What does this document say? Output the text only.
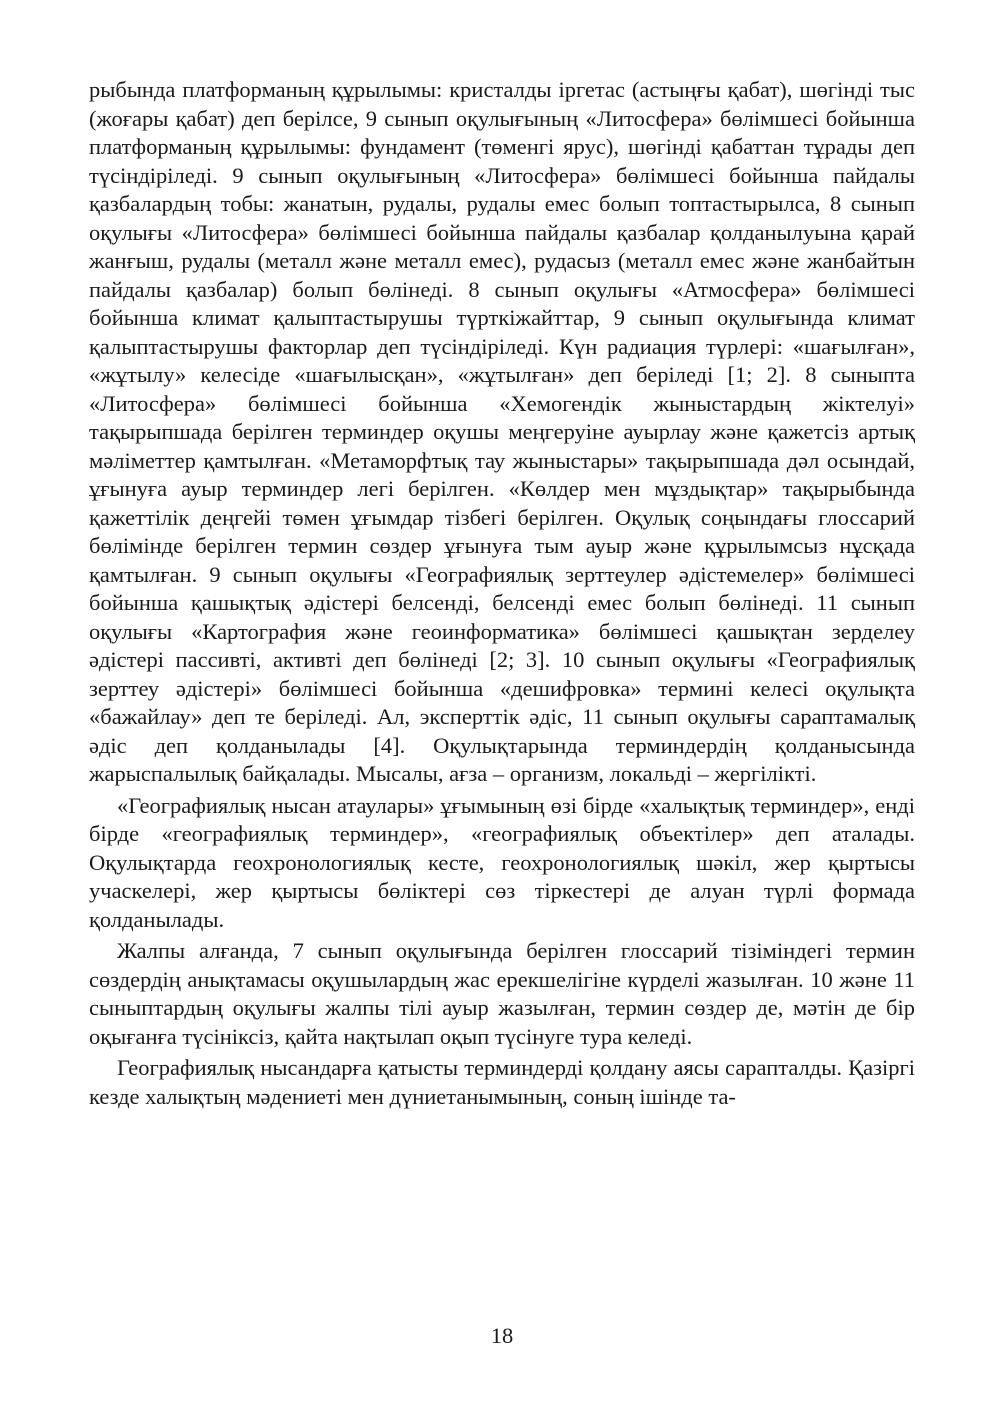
рыбында платформаның құрылымы: кристалды іргетас (астыңғы қабат), шөгінді тыс (жоғары қабат) деп берілсе, 9 сынып оқулығының «Литосфера» бөлімшесі бойынша платформаның құрылымы: фундамент (төменгі ярус), шөгінді қабаттан тұрады деп түсіндіріледі. 9 сынып оқулығының «Литосфера» бөлімшесі бойынша пайдалы қазбалардың тобы: жанатын, рудалы, рудалы емес болып топтастырылса, 8 сынып оқулығы «Литосфера» бөлімшесі бойынша пайдалы қазбалар қолданылуына қарай жанғыш, рудалы (металл және металл емес), рудасыз (металл емес және жанбайтын пайдалы қазбалар) болып бөлінеді. 8 сынып оқулығы «Атмосфера» бөлімшесі бойынша климат қалыптастырушы түрткіжайттар, 9 сынып оқулығында климат қалыптастырушы факторлар деп түсіндіріледі. Күн радиация түрлері: «шағылған», «жұтылу» келесіде «шағылысқан», «жұтылған» деп беріледі [1; 2]. 8 сыныпта «Литосфера» бөлімшесі бойынша «Хемогендік жыныстардың жіктелуі» тақырыпшада берілген терминдер оқушы меңгеруіне ауырлау және қажетсіз артық мәліметтер қамтылған. «Метаморфтық тау жыныстары» тақырыпшада дәл осындай, ұғынуға ауыр терминдер легі берілген. «Көлдер мен мұздықтар» тақырыбында қажеттілік деңгейі төмен ұғымдар тізбегі берілген. Оқулық соңындағы глоссарий бөлімінде берілген термин сөздер ұғынуға тым ауыр және құрылымсыз нұсқада қамтылған. 9 сынып оқулығы «Географиялық зерттеулер әдістемелер» бөлімшесі бойынша қашықтық әдістері белсенді, белсенді емес болып бөлінеді. 11 сынып оқулығы «Картография және геоинформатика» бөлімшесі қашықтан зерделеу әдістері пассивті, активті деп бөлінеді [2; 3]. 10 сынып оқулығы «Географиялық зерттеу әдістері» бөлімшесі бойынша «дешифровка» термині келесі оқулықта «бажайлау» деп те беріледі. Ал, эксперттік әдіс, 11 сынып оқулығы сараптамалық әдіс деп қолданылады [4]. Оқулықтарында терминдердің қолданысында жарыспалылық байқалады. Мысалы, ағза – организм, локальді – жергілікті.

«Географиялық нысан атаулары» ұғымының өзі бірде «халықтық терминдер», енді бірде «географиялық терминдер», «географиялық объектілер» деп аталады. Оқулықтарда геохронологиялық кесте, геохронологиялық шәкіл, жер қыртысы учаскелері, жер қыртысы бөліктері сөз тіркестері де алуан түрлі формада қолданылады.

Жалпы алғанда, 7 сынып оқулығында берілген глоссарий тізіміндeгі термин сөздердің анықтамасы оқушылардың жас ерекшелігіне күрделі жазылған. 10 және 11 сыныптардың оқулығы жалпы тілі ауыр жазылған, термин сөздер де, мәтін де бір оқығанға түсініксіз, қайта нақтылап оқып түсінуге тура келеді.

Географиялық нысандарға қатысты терминдерді қолдану аясы сарапталды. Қазіргі кезде халықтың мәдениеті мен дүниетанымының, соның ішінде та-

18
